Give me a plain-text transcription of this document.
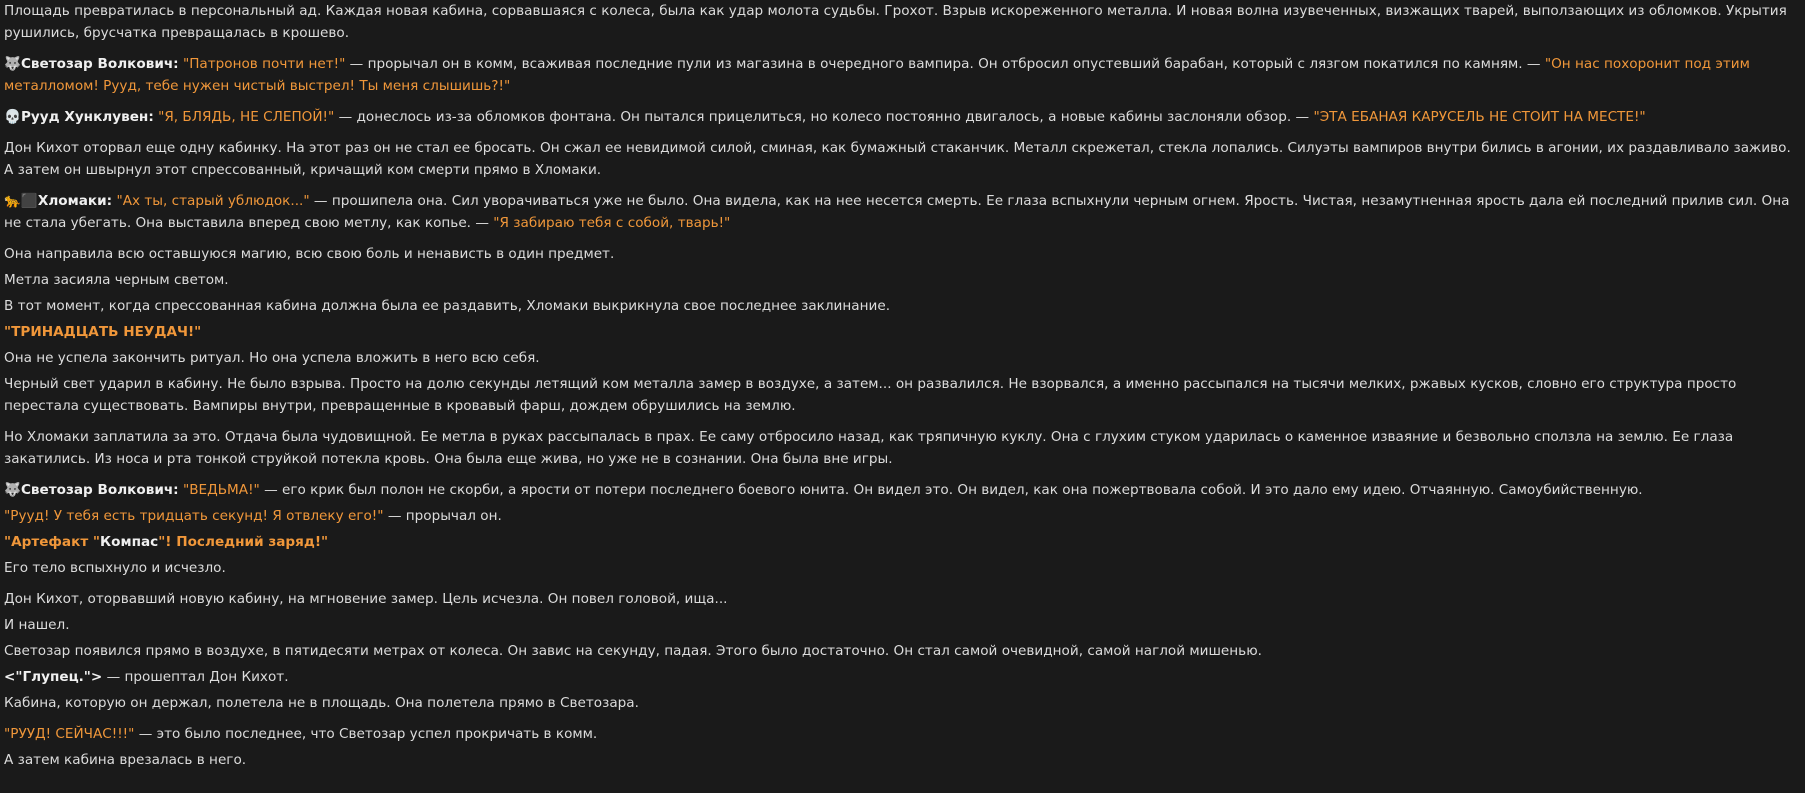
Площадь превратилась в персональный ад. Каждая новая кабина, сорвавшаяся с колеса, была как удар молота судьбы. Грохот. Взрыв искореженного металла. И новая волна изувеченных, визжащих тварей, выползающих из обломков. Укрытия рушились, брусчатка превращалась в крошево.

🐺Светозар Волкович: "Патронов почти нет!" — прорычал он в комм, всаживая последние пули из магазина в очередного вампира. Он отбросил опустевший барабан, который с лязгом покатился по камням. — "Он нас похоронит под этим металломом! Рууд, тебе нужен чистый выстрел! Ты меня слышишь?!"

💀Рууд Хунклувен: "Я, БЛЯДЬ, НЕ СЛЕПОЙ!" — донеслось из-за обломков фонтана. Он пытался прицелиться, но колесо постоянно двигалось, а новые кабины заслоняли обзор. — "ЭТА ЕБАНАЯ КАРУСЕЛЬ НЕ СТОИТ НА МЕСТЕ!"

Дон Кихот оторвал еще одну кабинку. На этот раз он не стал ее бросать. Он сжал ее невидимой силой, сминая, как бумажный стаканчик. Металл скрежетал, стекла лопались. Силуэты вампиров внутри бились в агонии, их раздавливало заживо. А затем он швырнул этот спрессованный, кричащий ком смерти прямо в Хломаки.

🐆⬛Хломаки: "Ах ты, старый ублюдок..." — прошипела она. Сил уворачиваться уже не было. Она видела, как на нее несется смерть. Ее глаза вспыхнули черным огнем. Ярость. Чистая, незамутненная ярость дала ей последний прилив сил. Она не стала убегать. Она выставила вперед свою метлу, как копье. — "Я забираю тебя с собой, тварь!"

Она направила всю оставшуюся магию, всю свою боль и ненависть в один предмет.

Метла засияла черным светом.

В тот момент, когда спрессованная кабина должна была ее раздавить, Хломаки выкрикнула свое последнее заклинание.

"ТРИНАДЦАТЬ НЕУДАЧ!"

Она не успела закончить ритуал. Но она успела вложить в него всю себя.

Черный свет ударил в кабину. Не было взрыва. Просто на долю секунды летящий ком металла замер в воздухе, а затем... он развалился. Не взорвался, а именно рассыпался на тысячи мелких, ржавых кусков, словно его структура просто перестала существовать. Вампиры внутри, превращенные в кровавый фарш, дождем обрушились на землю.

Но Хломаки заплатила за это. Отдача была чудовищной. Ее метла в руках рассыпалась в прах. Ее саму отбросило назад, как тряпичную куклу. Она с глухим стуком ударилась о каменное изваяние и безвольно сползла на землю. Ее глаза закатились. Из носа и рта тонкой струйкой потекла кровь. Она была еще жива, но уже не в сознании. Она была вне игры.

🐺Светозар Волкович: "ВЕДЬМА!" — его крик был полон не скорби, а ярости от потери последнего боевого юнита. Он видел это. Он видел, как она пожертвовала собой. И это дало ему идею. Отчаянную. Самоубийственную.

"Рууд! У тебя есть тридцать секунд! Я отвлеку его!" — прорычал он.

"Артефакт "Компас"! Последний заряд!"

Его тело вспыхнуло и исчезло.

Дон Кихот, оторвавший новую кабину, на мгновение замер. Цель исчезла. Он повел головой, ища...

И нашел.

Светозар появился прямо в воздухе, в пятидесяти метрах от колеса. Он завис на секунду, падая. Этого было достаточно. Он стал самой очевидной, самой наглой мишенью.

<"Глупец."> — прошептал Дон Кихот.

Кабина, которую он держал, полетела не в площадь. Она полетела прямо в Светозара.

"РУУД! СЕЙЧАС!!!" — это было последнее, что Светозар успел прокричать в комм.

А затем кабина врезалась в него.
